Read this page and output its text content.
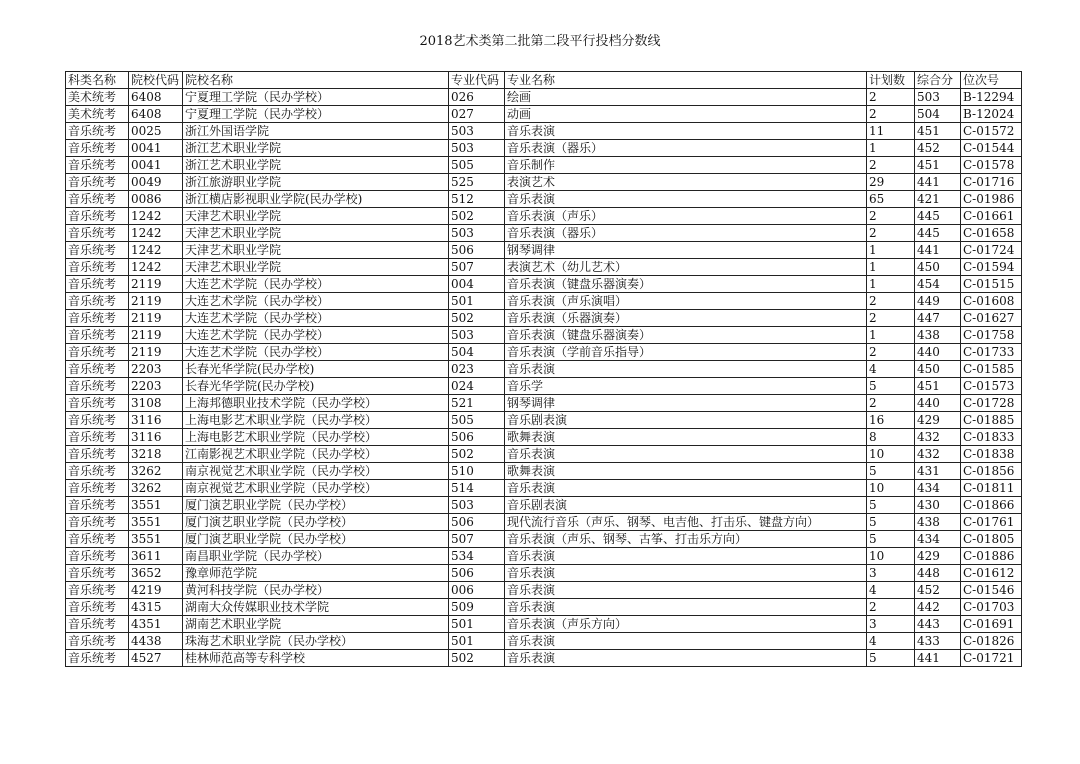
2018艺术类第二批第二段平行投档分数线
科类名称	院校代码	院校名称	专业代码	专业名称	计划数	综合分	位次号
美术统考	6408	宁夏理工学院（民办学校）	026	绘画	2	503	B-12294
美术统考	6408	宁夏理工学院（民办学校）	027	动画	2	504	B-12024
音乐统考	0025	浙江外国语学院	503	音乐表演	11	451	C-01572
音乐统考	0041	浙江艺术职业学院	503	音乐表演（器乐）	1	452	C-01544
音乐统考	0041	浙江艺术职业学院	505	音乐制作	2	451	C-01578
音乐统考	0049	浙江旅游职业学院	525	表演艺术	29	441	C-01716
音乐统考	0086	浙江横店影视职业学院(民办学校)	512	音乐表演	65	421	C-01986
音乐统考	1242	天津艺术职业学院	502	音乐表演（声乐）	2	445	C-01661
音乐统考	1242	天津艺术职业学院	503	音乐表演（器乐）	2	445	C-01658
音乐统考	1242	天津艺术职业学院	506	钢琴调律	1	441	C-01724
音乐统考	1242	天津艺术职业学院	507	表演艺术（幼儿艺术）	1	450	C-01594
音乐统考	2119	大连艺术学院（民办学校）	004	音乐表演（键盘乐器演奏）	1	454	C-01515
音乐统考	2119	大连艺术学院（民办学校）	501	音乐表演（声乐演唱）	2	449	C-01608
音乐统考	2119	大连艺术学院（民办学校）	502	音乐表演（乐器演奏）	2	447	C-01627
音乐统考	2119	大连艺术学院（民办学校）	503	音乐表演（键盘乐器演奏）	1	438	C-01758
音乐统考	2119	大连艺术学院（民办学校）	504	音乐表演（学前音乐指导）	2	440	C-01733
音乐统考	2203	长春光华学院(民办学校)	023	音乐表演	4	450	C-01585
音乐统考	2203	长春光华学院(民办学校)	024	音乐学	5	451	C-01573
音乐统考	3108	上海邦德职业技术学院（民办学校）	521	钢琴调律	2	440	C-01728
音乐统考	3116	上海电影艺术职业学院（民办学校）	505	音乐剧表演	16	429	C-01885
音乐统考	3116	上海电影艺术职业学院（民办学校）	506	歌舞表演	8	432	C-01833
音乐统考	3218	江南影视艺术职业学院（民办学校）	502	音乐表演	10	432	C-01838
音乐统考	3262	南京视觉艺术职业学院（民办学校）	510	歌舞表演	5	431	C-01856
音乐统考	3262	南京视觉艺术职业学院（民办学校）	514	音乐表演	10	434	C-01811
音乐统考	3551	厦门演艺职业学院（民办学校）	503	音乐剧表演	5	430	C-01866
音乐统考	3551	厦门演艺职业学院（民办学校）	506	现代流行音乐（声乐、钢琴、电吉他、打击乐、键盘方向）	5	438	C-01761
音乐统考	3551	厦门演艺职业学院（民办学校）	507	音乐表演（声乐、钢琴、古筝、打击乐方向）	5	434	C-01805
音乐统考	3611	南昌职业学院（民办学校）	534	音乐表演	10	429	C-01886
音乐统考	3652	豫章师范学院	506	音乐表演	3	448	C-01612
音乐统考	4219	黄河科技学院（民办学校）	006	音乐表演	4	452	C-01546
音乐统考	4315	湖南大众传媒职业技术学院	509	音乐表演	2	442	C-01703
音乐统考	4351	湖南艺术职业学院	501	音乐表演（声乐方向）	3	443	C-01691
音乐统考	4438	珠海艺术职业学院（民办学校）	501	音乐表演	4	433	C-01826
音乐统考	4527	桂林师范高等专科学校	502	音乐表演	5	441	C-01721
